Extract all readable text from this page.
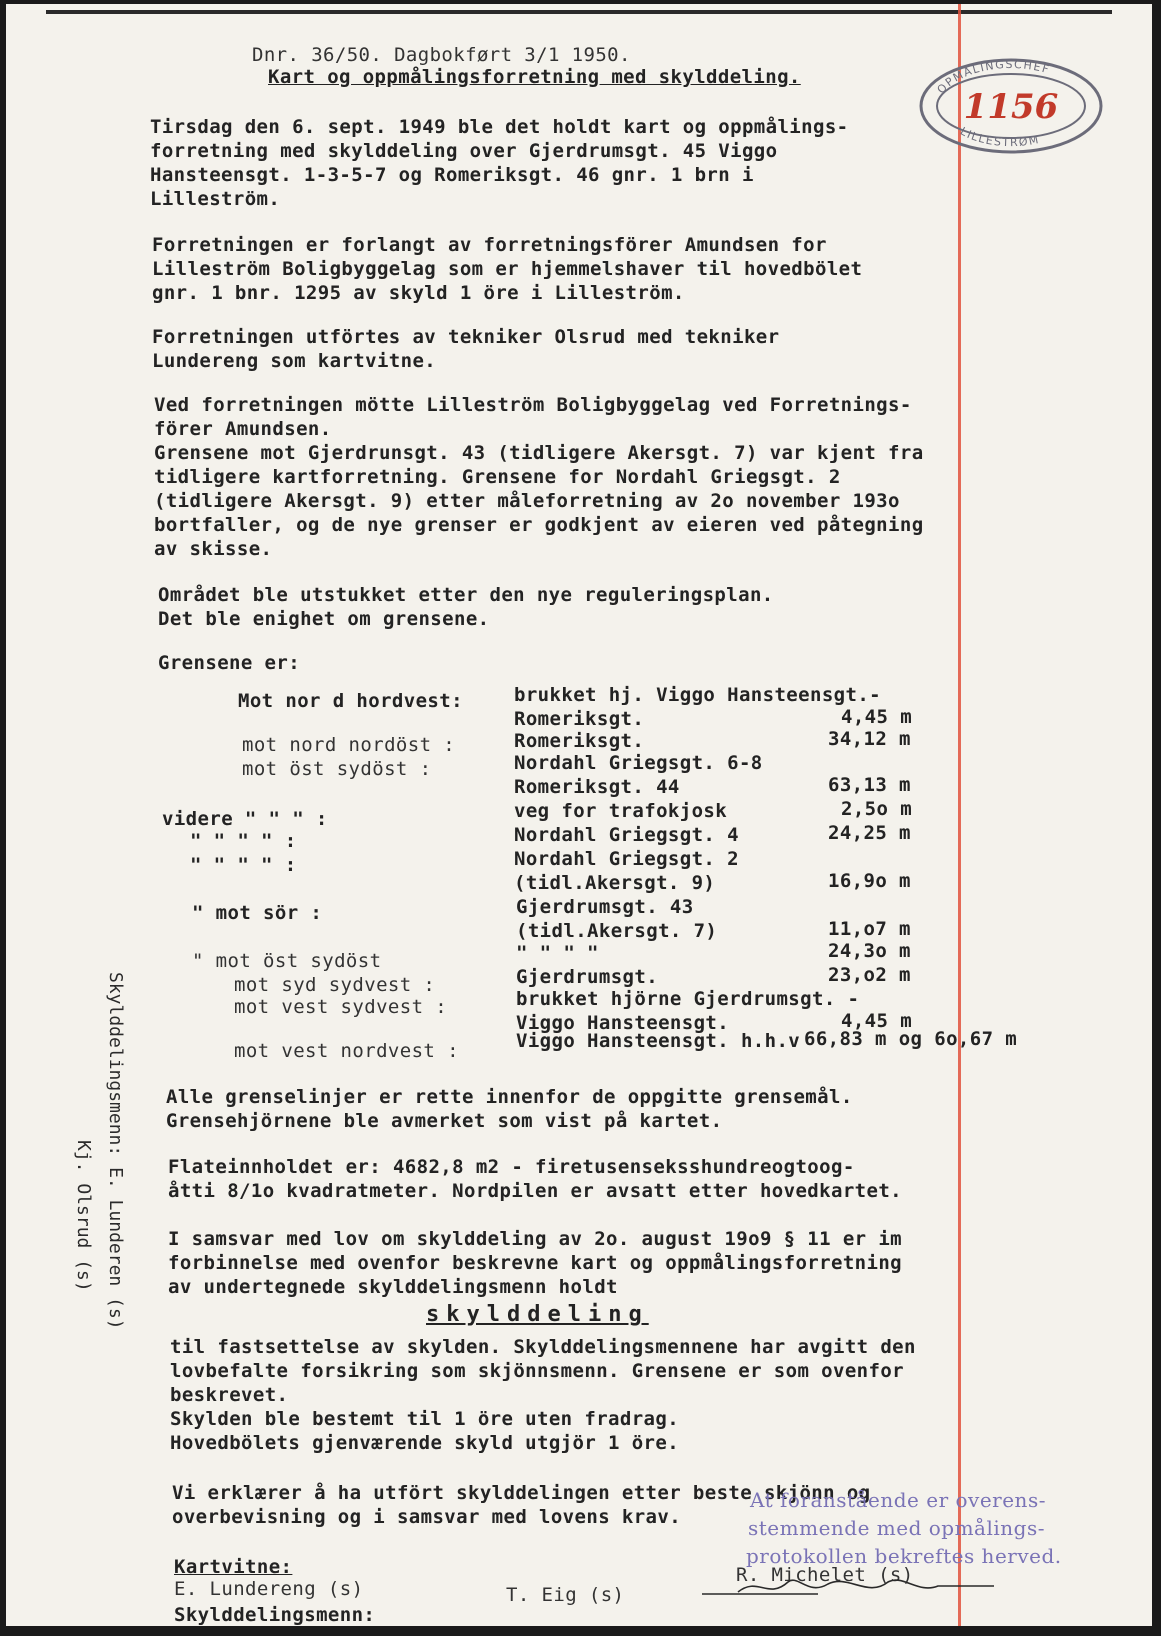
Dnr. 36/50. Dagbokført 3/1 1950.
Kart og oppmålingsforretning med skylddeling.
OPMÅLINGSCHEF
LILLESTRØM
1156
Tirsdag den 6. sept. 1949 ble det holdt kart og oppmålings-
forretning med skylddeling over Gjerdrumsgt. 45 Viggo
Hansteensgt. 1-3-5-7 og Romeriksgt. 46 gnr. 1 brn i
Lilleström.
Forretningen er forlangt av forretningsförer Amundsen for
Lilleström Boligbyggelag som er hjemmelshaver til hovedbölet
gnr. 1 bnr. 1295 av skyld 1 öre i Lilleström.
Forretningen utförtes av tekniker Olsrud med tekniker
Lundereng som kartvitne.
Ved forretningen mötte Lilleström Boligbyggelag ved Forretnings-
förer Amundsen.
Grensene mot Gjerdrunsgt. 43 (tidligere Akersgt. 7) var kjent fra
tidligere kartforretning. Grensene for Nordahl Griegsgt. 2
(tidligere Akersgt. 9) etter måleforretning av 2o november 193o
bortfaller, og de nye grenser er godkjent av eieren ved påtegning
av skisse.
Området ble utstukket etter den nye reguleringsplan.
Det ble enighet om grensene.
Grensene er:
Mot nor d hordvest:	brukket hj. Viggo Hansteensgt.-
Romeriksgt.	4,45 m
mot nord nordöst :	Romeriksgt.	34,12 m
mot öst sydöst :	Nordahl Griegsgt. 6-8
Romeriksgt. 44	63,13 m
videre " " " :	veg for trafokjosk	2,5o m
" " " " :	Nordahl Griegsgt. 4	24,25 m
" " " " :	Nordahl Griegsgt. 2
(tidl.Akersgt. 9)	16,9o m
" mot sör :	Gjerdrumsgt. 43
(tidl.Akersgt. 7)	11,o7 m
" mot öst sydöst	" " " "	24,3o m
mot syd sydvest :	Gjerdrumsgt.	23,o2 m
mot vest sydvest :	brukket hjörne Gjerdrumsgt. -
Viggo Hansteensgt.	4,45 m
mot vest nordvest :	Viggo Hansteensgt. h.h.v 66,83 m og 6o,67 m
Alle grenselinjer er rette innenfor de oppgitte grensemål.
Grensehjörnene ble avmerket som vist på kartet.
Flateinnholdet er: 4682,8 m2 - firetusenseksshundreogtoog-
åtti 8/1o kvadratmeter. Nordpilen er avsatt etter hovedkartet.
I samsvar med lov om skylddeling av 2o. august 19o9 § 11 er im
forbinnelse med ovenfor beskrevne kart og oppmålingsforretning
av undertegnede skylddelingsmenn holdt
skylddeling
til fastsettelse av skylden. Skylddelingsmennene har avgitt den
lovbefalte forsikring som skjönnsmenn. Grensene er som ovenfor
beskrevet.
Skylden ble bestemt til 1 öre uten fradrag.
Hovedbölets gjenværende skyld utgjör 1 öre.
Vi erklærer å ha utfört skylddelingen etter beste skjönn og
overbevisning og i samsvar med lovens krav.
At foranstående er overens-
stemmende med opmålings-
protokollen bekreftes herved.
Kartvitne:
E. Lundereng (s)	T. Eig (s)
R. Michelet (s)
Skylddelingsmenn:
Skylddelingsmenn: E. Lunderen (s)
Kj. Olsrud (s)
